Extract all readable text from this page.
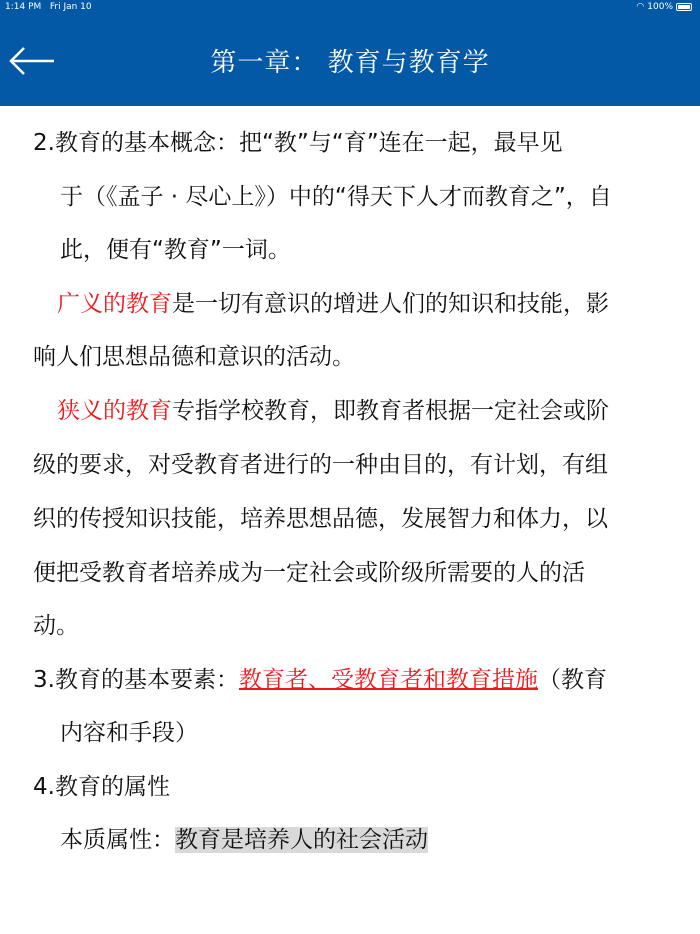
1:14 PM Fri Jan 10	◠ 100%
第一章： 教育与教育学
2.教育的基本概念：把“教”与“育”连在一起，最早见
于（《孟子 · 尽心上》）中的“得天下人才而教育之”，自
此，便有“教育”一词。
广义的教育是一切有意识的增进人们的知识和技能，影
响人们思想品德和意识的活动。
狭义的教育专指学校教育，即教育者根据一定社会或阶
级的要求，对受教育者进行的一种由目的，有计划，有组
织的传授知识技能，培养思想品德，发展智力和体力，以
便把受教育者培养成为一定社会或阶级所需要的人的活
动。
3.教育的基本要素：教育者、受教育者和教育措施（教育
内容和手段）
4.教育的属性
本质属性：教育是培养人的社会活动
